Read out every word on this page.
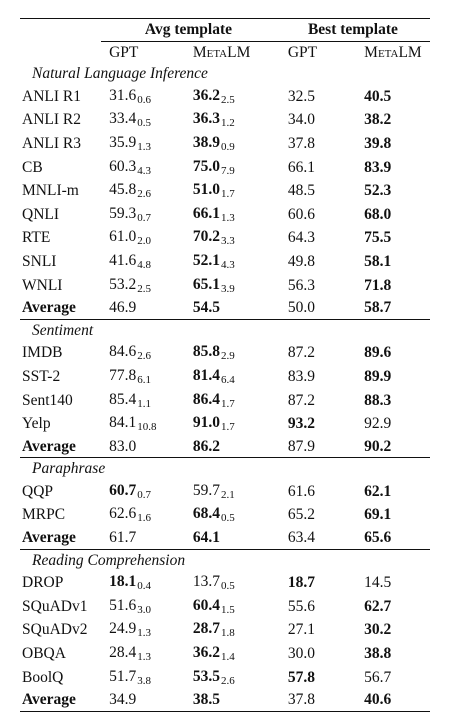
	Avg template		Best template	
	GPT	MetaLM	GPT	MetaLM
Natural Language Inference				
ANLI R1	31.60.6	36.22.5	32.5	40.5
ANLI R2	33.40.5	36.31.2	34.0	38.2
ANLI R3	35.91.3	38.90.9	37.8	39.8
CB	60.34.3	75.07.9	66.1	83.9
MNLI-m	45.82.6	51.01.7	48.5	52.3
QNLI	59.30.7	66.11.3	60.6	68.0
RTE	61.02.0	70.23.3	64.3	75.5
SNLI	41.64.8	52.14.3	49.8	58.1
WNLI	53.22.5	65.13.9	56.3	71.8
Average	46.9	54.5	50.0	58.7
Sentiment				
IMDB	84.62.6	85.82.9	87.2	89.6
SST-2	77.86.1	81.46.4	83.9	89.9
Sent140	85.41.1	86.41.7	87.2	88.3
Yelp	84.110.8	91.01.7	93.2	92.9
Average	83.0	86.2	87.9	90.2
Paraphrase				
QQP	60.70.7	59.72.1	61.6	62.1
MRPC	62.61.6	68.40.5	65.2	69.1
Average	61.7	64.1	63.4	65.6
Reading Comprehension				
DROP	18.10.4	13.70.5	18.7	14.5
SQuADv1	51.63.0	60.41.5	55.6	62.7
SQuADv2	24.91.3	28.71.8	27.1	30.2
OBQA	28.41.3	36.21.4	30.0	38.8
BoolQ	51.73.8	53.52.6	57.8	56.7
Average	34.9	38.5	37.8	40.6
